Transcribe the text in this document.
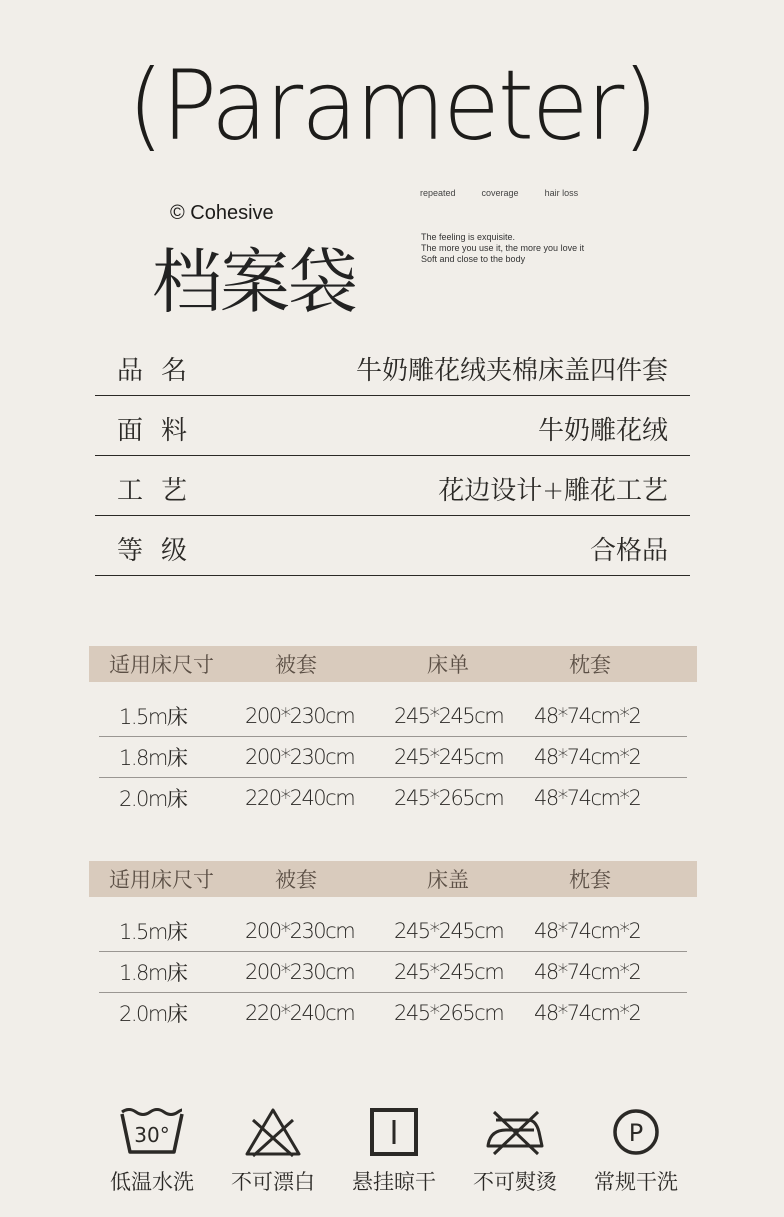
(Parameter)
© Cohesive
档案袋
repeated	coverage	hair loss
The feeling is exquisite.
The more you use it, the more you love it
Soft and close to the body
品名	牛奶雕花绒夹棉床盖四件套
面料	牛奶雕花绒
工艺	花边设计+雕花工艺
等级	合格品
适用床尺寸	被套	床单	枕套
1.5m床	200*230cm 245*245cm 48*74cm*2
1.8m床	200*230cm 245*245cm 48*74cm*2
2.0m床	220*240cm 245*265cm 48*74cm*2
适用床尺寸	被套	床盖	枕套
1.5m床	200*230cm 245*245cm 48*74cm*2
1.8m床	200*230cm 245*245cm 48*74cm*2
2.0m床	220*240cm 245*265cm 48*74cm*2
30°
低温水洗	不可漂白	悬挂晾干	不可熨烫
P
常规干洗
